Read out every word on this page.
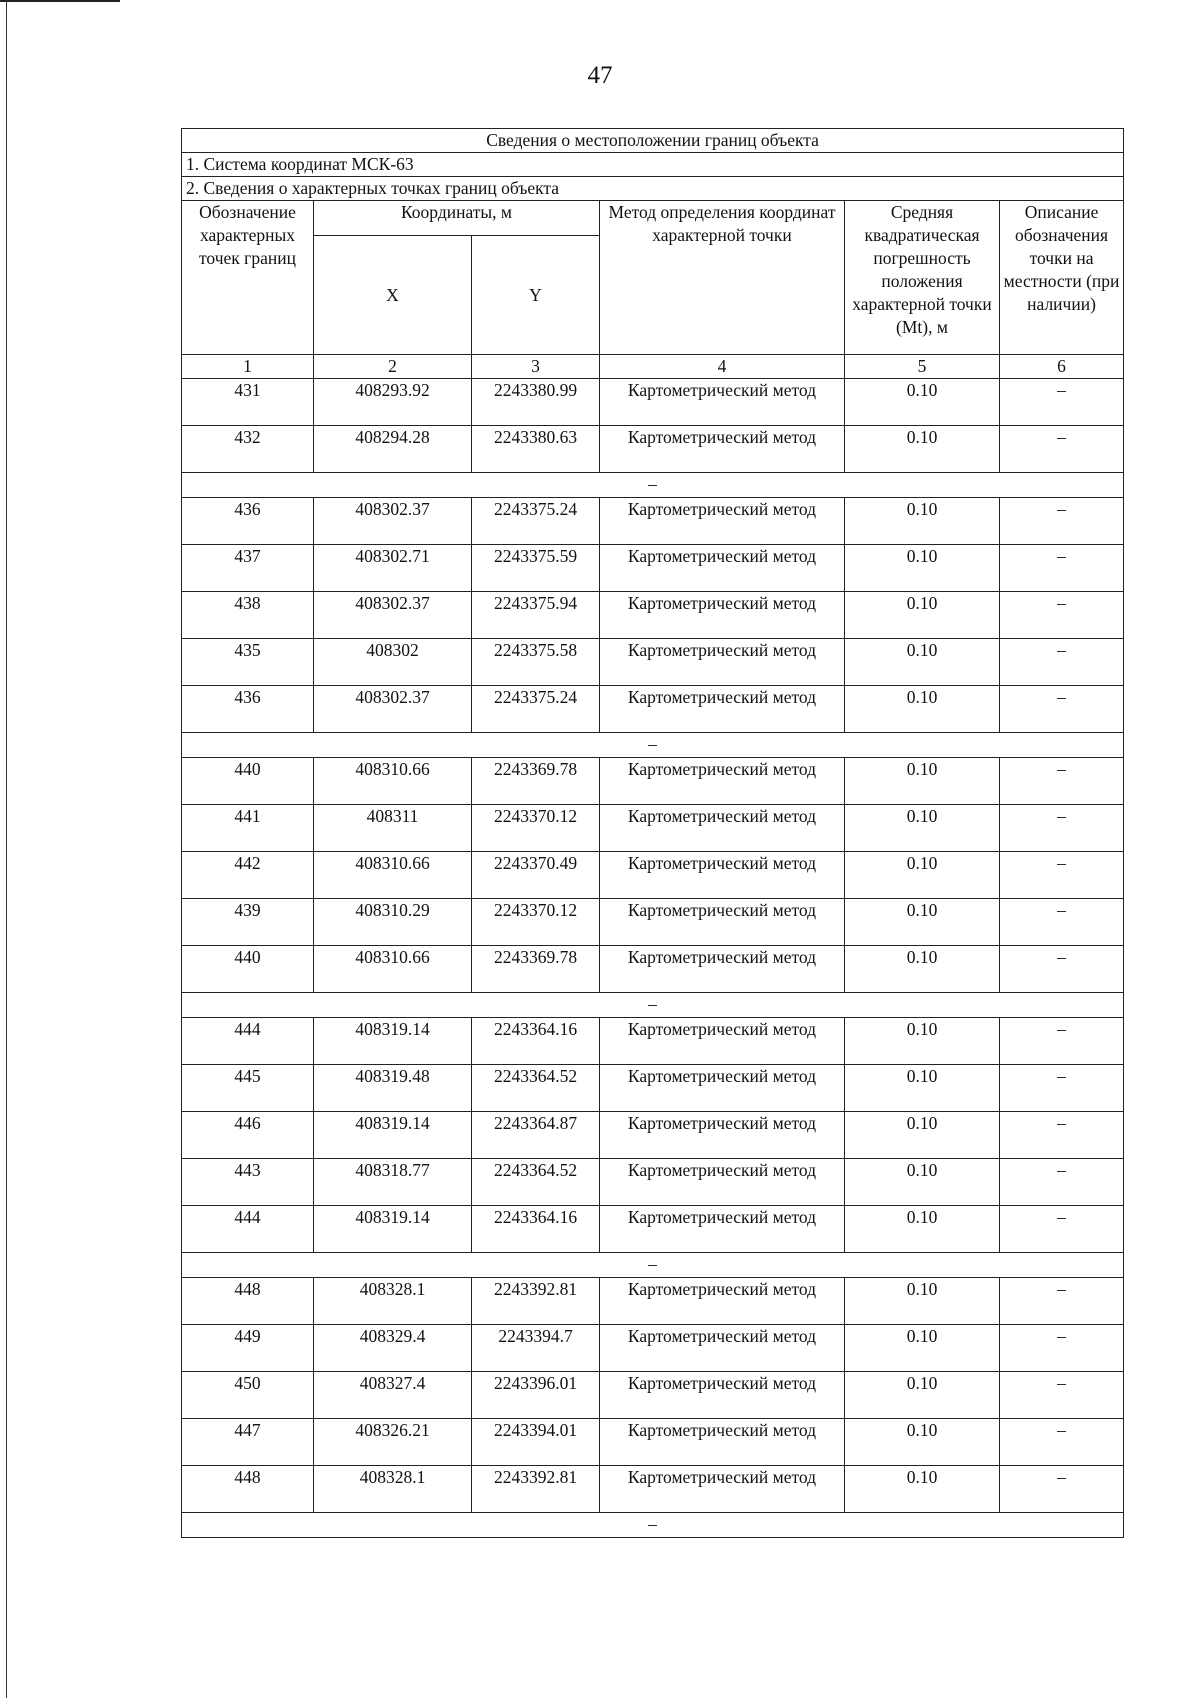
47
Сведения о местоположении границ объекта					
1. Система координат МСК-63					
2. Сведения о характерных точках границ объекта					
Обозначение характерных точек границ	Координаты, м		Метод определения координат характерной точки	Средняя квадратическая погрешность положения характерной точки (Mt), м	Описание обозначения точки на местности (при наличии)
	X	Y			
1	2	3	4	5	6
431	408293.92	2243380.99	Картометрический метод	0.10	–
432	408294.28	2243380.63	Картометрический метод	0.10	–
–					
436	408302.37	2243375.24	Картометрический метод	0.10	–
437	408302.71	2243375.59	Картометрический метод	0.10	–
438	408302.37	2243375.94	Картометрический метод	0.10	–
435	408302	2243375.58	Картометрический метод	0.10	–
436	408302.37	2243375.24	Картометрический метод	0.10	–
–					
440	408310.66	2243369.78	Картометрический метод	0.10	–
441	408311	2243370.12	Картометрический метод	0.10	–
442	408310.66	2243370.49	Картометрический метод	0.10	–
439	408310.29	2243370.12	Картометрический метод	0.10	–
440	408310.66	2243369.78	Картометрический метод	0.10	–
–					
444	408319.14	2243364.16	Картометрический метод	0.10	–
445	408319.48	2243364.52	Картометрический метод	0.10	–
446	408319.14	2243364.87	Картометрический метод	0.10	–
443	408318.77	2243364.52	Картометрический метод	0.10	–
444	408319.14	2243364.16	Картометрический метод	0.10	–
–					
448	408328.1	2243392.81	Картометрический метод	0.10	–
449	408329.4	2243394.7	Картометрический метод	0.10	–
450	408327.4	2243396.01	Картометрический метод	0.10	–
447	408326.21	2243394.01	Картометрический метод	0.10	–
448	408328.1	2243392.81	Картометрический метод	0.10	–
–					
